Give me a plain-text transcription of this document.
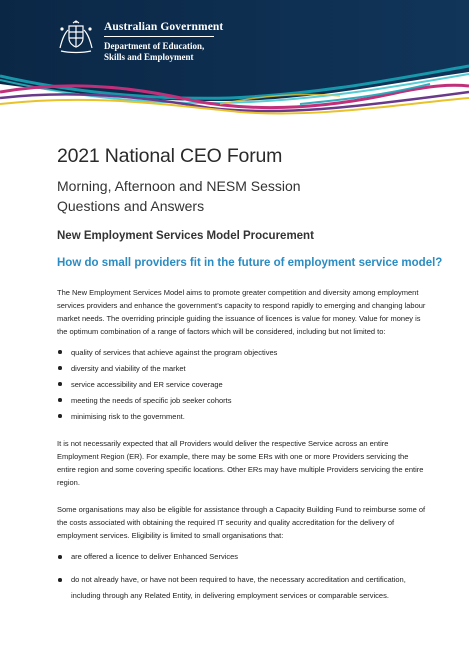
Australian Government
Department of Education,
Skills and Employment
2021 National CEO Forum
Morning, Afternoon and NESM Session
Questions and Answers
New Employment Services Model Procurement
How do small providers fit in the future of employment service model?

The New Employment Services Model aims to promote greater competition and diversity among employment services providers and enhance the government’s capacity to respond rapidly to emerging and changing labour market needs. The overriding principle guiding the issuance of licences is value for money. Value for money is the optimum combination of a range of factors which will be considered, including but not limited to:

quality of services that achieve against the program objectives
diversity and viability of the market
service accessibility and ER service coverage
meeting the needs of specific job seeker cohorts
minimising risk to the government.

It is not necessarily expected that all Providers would deliver the respective Service across an entire Employment Region (ER). For example, there may be some ERs with one or more Providers servicing the entire region and some covering specific locations. Other ERs may have multiple Providers servicing the entire region.

Some organisations may also be eligible for assistance through a Capacity Building Fund to reimburse some of the costs associated with obtaining the required IT security and quality accreditation for the delivery of employment services. Eligibility is limited to small organisations that:

are offered a licence to deliver Enhanced Services
do not already have, or have not been required to have, the necessary accreditation and certification, including through any Related Entity, in delivering employment services or comparable services.
